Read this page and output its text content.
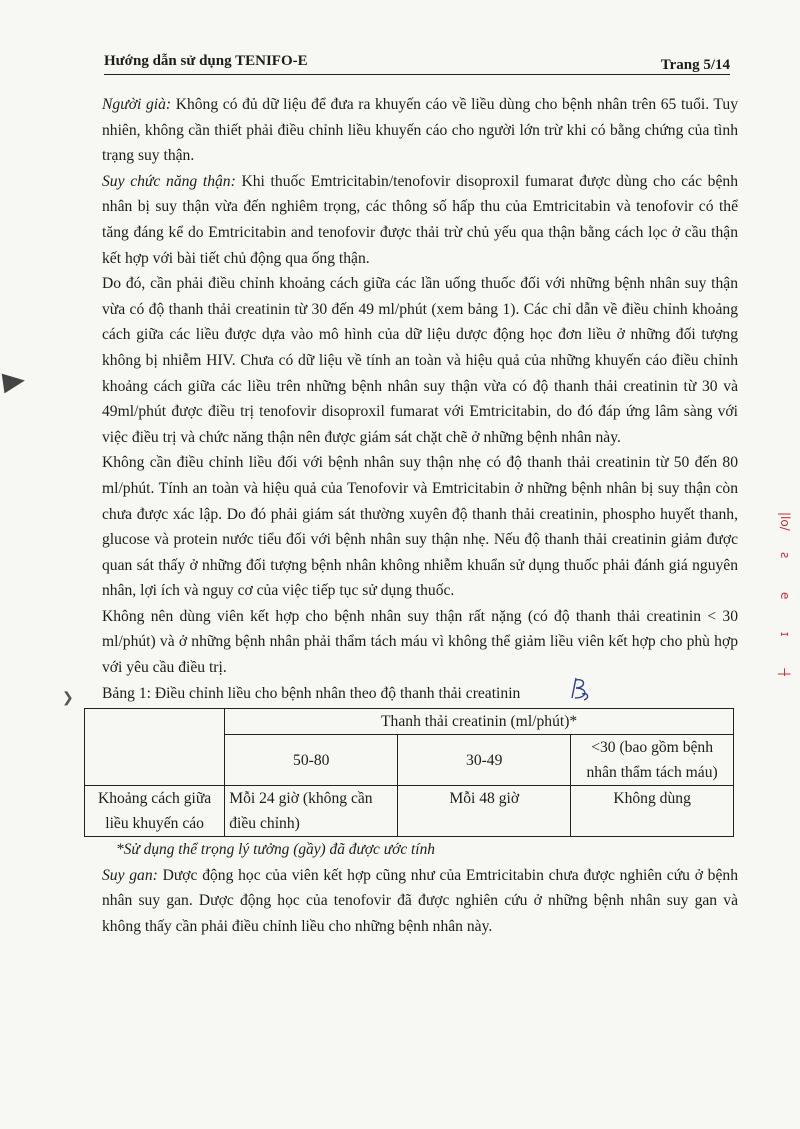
❯
Hướng dẫn sử dụng TENIFO-E	Trang 5/14

Người già: Không có đủ dữ liệu để đưa ra khuyến cáo về liều dùng cho bệnh nhân trên 65 tuổi. Tuy nhiên, không cần thiết phải điều chỉnh liều khuyến cáo cho người lớn trừ khi có bằng chứng của tình trạng suy thận.

Suy chức năng thận: Khi thuốc Emtricitabin/tenofovir disoproxil fumarat được dùng cho các bệnh nhân bị suy thận vừa đến nghiêm trọng, các thông số hấp thu của Emtricitabin và tenofovir có thể tăng đáng kể do Emtricitabin and tenofovir được thải trừ chủ yếu qua thận bằng cách lọc ở cầu thận kết hợp với bài tiết chủ động qua ống thận.

Do đó, cần phải điều chỉnh khoảng cách giữa các lần uống thuốc đối với những bệnh nhân suy thận vừa có độ thanh thải creatinin từ 30 đến 49 ml/phút (xem bảng 1). Các chỉ dẫn về điều chỉnh khoảng cách giữa các liều được dựa vào mô hình của dữ liệu dược động học đơn liều ở những đối tượng không bị nhiễm HIV. Chưa có dữ liệu về tính an toàn và hiệu quả của những khuyến cáo điều chỉnh khoảng cách giữa các liều trên những bệnh nhân suy thận vừa có độ thanh thải creatinin từ 30 và 49ml/phút được điều trị tenofovir disoproxil fumarat với Emtricitabin, do đó đáp ứng lâm sàng với việc điều trị và chức năng thận nên được giám sát chặt chẽ ở những bệnh nhân này.

Không cần điều chỉnh liều đối với bệnh nhân suy thận nhẹ có độ thanh thải creatinin từ 50 đến 80 ml/phút. Tính an toàn và hiệu quả của Tenofovir và Emtricitabin ở những bệnh nhân bị suy thận còn chưa được xác lập. Do đó phải giám sát thường xuyên độ thanh thải creatinin, phospho huyết thanh, glucose và protein nước tiểu đối với bệnh nhân suy thận nhẹ. Nếu độ thanh thải creatinin giảm được quan sát thấy ở những đối tượng bệnh nhân không nhiễm khuẩn sử dụng thuốc phải đánh giá nguyên nhân, lợi ích và nguy cơ của việc tiếp tục sử dụng thuốc.

Không nên dùng viên kết hợp cho bệnh nhân suy thận rất nặng (có độ thanh thải creatinin < 30 ml/phút) và ở những bệnh nhân phải thẩm tách máu vì không thể giảm liều viên kết hợp cho phù hợp với yêu cầu điều trị.

Bảng 1: Điều chỉnh liều cho bệnh nhân theo độ thanh thải creatinin

	Thanh thải creatinin (ml/phút)*		
	50-80	30-49	<30 (bao gồm bệnh nhân thẩm tách máu)
Khoảng cách giữa liều khuyến cáo	Mỗi 24 giờ (không cần điều chỉnh)	Mỗi 48 giờ	Không dùng

*Sử dụng thể trọng lý tưởng (gầy) đã được ước tính

Suy gan: Dược động học của viên kết hợp cũng như của Emtricitabin chưa được nghiên cứu ở bệnh nhân suy gan. Dược động học của tenofovir đã được nghiên cứu ở những bệnh nhân suy gan và không thấy cần phải điều chỉnh liều cho những bệnh nhân này.

|lo/
ƨ
e
ɪ
|̶
